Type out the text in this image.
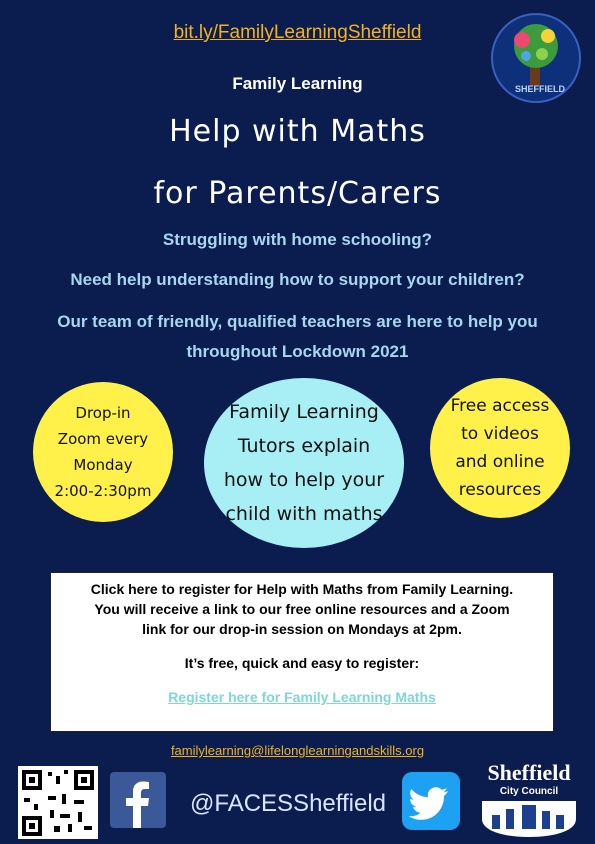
bit.ly/FamilyLearningSheffield
SHEFFIELD
Family Learning
Help with Maths
for Parents/Carers
Struggling with home schooling?
Need help understanding how to support your children?
Our team of friendly, qualified teachers are here to help you
throughout Lockdown 2021
Drop-in
Zoom every
Monday
2:00-2:30pm
Family Learning
Tutors explain
how to help your
child with maths
Free access
to videos
and online
resources

Click here to register for Help with Maths from Family Learning.

You will receive a link to our free online resources and a Zoom

link for our drop-in session on Mondays at 2pm.

It’s free, quick and easy to register:

Register here for Family Learning Maths
familylearning@lifelonglearningandskills.org
@FACESSheffield
Sheffield
City Council
